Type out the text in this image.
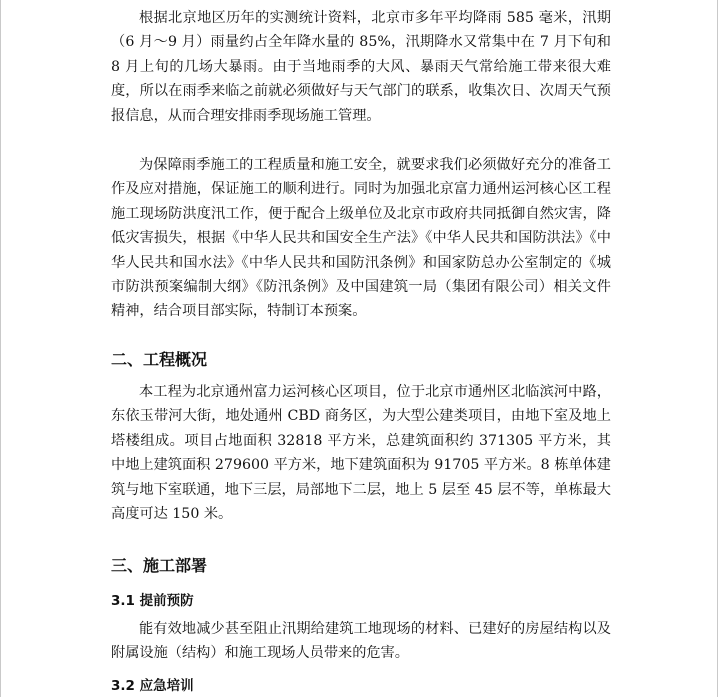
根据北京地区历年的实测统计资料，北京市多年平均降雨 585 毫米，汛期（6 月～9 月）雨量约占全年降水量的 85%，汛期降水又常集中在 7 月下旬和 8 月上旬的几场大暴雨。由于当地雨季的大风、暴雨天气常给施工带来很大难度，所以在雨季来临之前就必须做好与天气部门的联系，收集次日、次周天气预报信息，从而合理安排雨季现场施工管理。

为保障雨季施工的工程质量和施工安全，就要求我们必须做好充分的准备工作及应对措施，保证施工的顺利进行。同时为加强北京富力通州运河核心区工程施工现场防洪度汛工作，便于配合上级单位及北京市政府共同抵御自然灾害，降低灾害损失，根据《中华人民共和国安全生产法》《中华人民共和国防洪法》《中华人民共和国水法》《中华人民共和国防汛条例》和国家防总办公室制定的《城市防洪预案编制大纲》《防汛条例》及中国建筑一局（集团有限公司）相关文件精神，结合项目部实际，特制订本预案。

二、工程概况

本工程为北京通州富力运河核心区项目，位于北京市通州区北临滨河中路，东依玉带河大街，地处通州 CBD 商务区，为大型公建类项目，由地下室及地上塔楼组成。项目占地面积 32818 平方米，总建筑面积约 371305 平方米，其中地上建筑面积 279600 平方米，地下建筑面积为 91705 平方米。8 栋单体建筑与地下室联通，地下三层，局部地下二层，地上 5 层至 45 层不等，单栋最大高度可达 150 米。

三、施工部署
3.1 提前预防

能有效地减少甚至阻止汛期给建筑工地现场的材料、已建好的房屋结构以及附属设施（结构）和施工现场人员带来的危害。

3.2 应急培训
